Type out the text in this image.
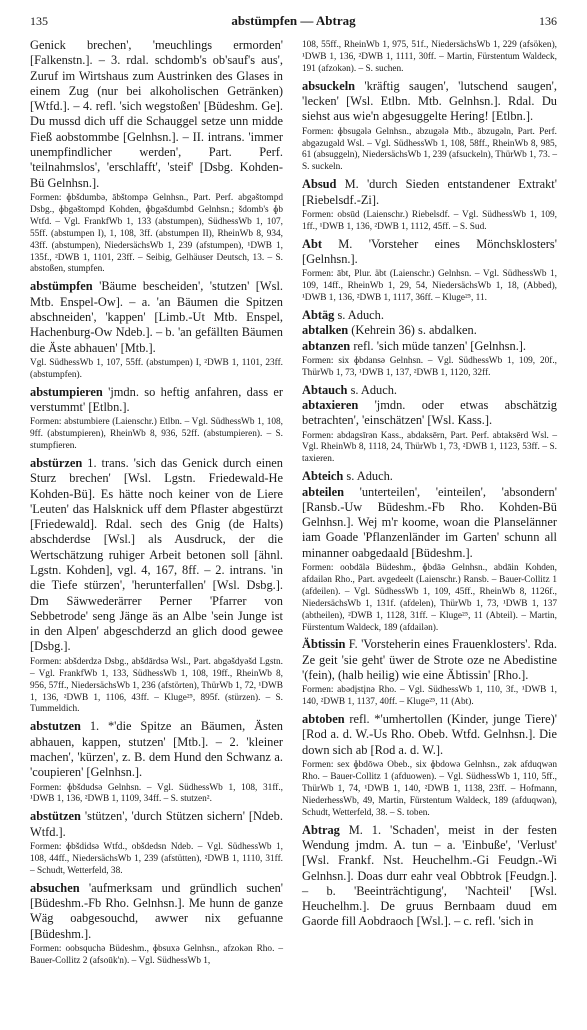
135	abstümpfen — Abtrag	136

Genick brechen', 'meuchlings ermorden' [Falkenstn.]. – 3. rdal. schdomb's ob'sauf's aus', Zuruf im Wirtshaus zum Austrinken des Glases in einem Zug (nur bei alkoholischen Getränken) [Wtfd.]. – 4. refl. 'sich wegstoßen' [Büdeshm. Ge]. Du mussd dich uff die Schauggel setze unn midde Fieß aobstommbe [Gelnhsn.]. – II. intrans. 'immer unempfindlicher werden', Part. Perf. 'teilnahmslos', 'erschlafft', 'steif' [Dsbg. Kohden-Bü Gelnhsn.].

Formen: ɸbšdumbə, ābštompə Gelnhsn., Part. Perf. abgəštompd Dsbg., ɸbgəštompd Kohden, ɸbgəšdumbd Gelnhsn.; šdomb's ɸb Wtfd. – Vgl. FrankfWb 1, 133 (abstumpen), SüdhessWb 1, 107, 55ff. (abstumpen I), 1, 108, 3ff. (abstumpen II), RheinWb 8, 934, 43ff. (abstumpen), NiedersächsWb 1, 239 (afstumpen), ¹DWB 1, 135f., ²DWB 1, 1101, 23ff. – Seibig, Gelhäuser Deutsch, 13. – S. abstoßen, stumpfen.

abstümpfen 'Bäume bescheiden', 'stutzen' [Wsl. Mtb. Enspel-Ow]. – a. 'an Bäumen die Spitzen abschneiden', 'kappen' [Limb.-Ut Mtb. Enspel, Hachenburg-Ow Ndeb.]. – b. 'an gefällten Bäumen die Äste abhauen' [Mtb.].

Vgl. SüdhessWb 1, 107, 55ff. (abstumpen) I, ²DWB 1, 1101, 23ff. (abstumpfen).

abstumpieren 'jmdn. so heftig anfahren, dass er verstummt' [Etlbn.].

Formen: abstumbiere (Laienschr.) Etlbn. – Vgl. SüdhessWb 1, 108, 9ff. (abstumpieren), RheinWb 8, 936, 52ff. (abstumpieren). – S. stumpfieren.

abstürzen 1. trans. 'sich das Genick durch einen Sturz brechen' [Wsl. Lgstn. Friedewald-He Kohden-Bü]. Es hätte noch keiner von de Liere 'Leuten' das Halsknick uff dem Pflaster abgestürzt [Friedewald]. Rdal. sech des Gnig (de Halts) abschderdse [Wsl.] als Ausdruck, der die Wertschätzung ruhiger Arbeit betonen soll [ähnl. Lgstn. Kohden], vgl. 4, 167, 8ff. – 2. intrans. 'in die Tiefe stürzen', 'herunterfallen' [Wsl. Dsbg.]. Dm Säwwederärrer Perner 'Pfarrer von Sebbetrode' seng Jänge äs an Albe 'sein Junge ist in den Alpen' abgeschderzd an glich dood gewee [Dsbg.].

Formen: abšderdzə Dsbg., abšdārdsə Wsl., Part. abgəšdyəšd Lgstn. – Vgl. FrankfWb 1, 133, SüdhessWb 1, 108, 19ff., RheinWb 8, 956, 57ff., NiedersächsWb 1, 236 (afstörten), ThürWb 1, 72, ¹DWB 1, 136, ²DWB 1, 1106, 43ff. – Kluge²⁵, 895f. (stürzen). – S. Tummeldich.

abstutzen 1. *'die Spitze an Bäumen, Ästen abhauen, kappen, stutzen' [Mtb.]. – 2. 'kleiner machen', 'kürzen', z. B. dem Hund den Schwanz a. 'coupieren' [Gelnhsn.].

Formen: ɸbšdudsə Gelnhsn. – Vgl. SüdhessWb 1, 108, 31ff., ¹DWB 1, 136, ²DWB 1, 1109, 34ff. – S. stutzen².

abstützen 'stützen', 'durch Stützen sichern' [Ndeb. Wtfd.].

Formen: ɸbšdidsə Wtfd., obšdedsn Ndeb. – Vgl. SüdhessWb 1, 108, 44ff., NiedersächsWb 1, 239 (afstütten), ²DWB 1, 1110, 31ff. – Schudt, Wetterfeld, 38.

absuchen 'aufmerksam und gründlich suchen' [Büdeshm.-Fb Rho. Gelnhsn.]. Me hunn de ganze Wäg oabgesouchd, awwer nix gefuanne [Büdeshm.].

Formen: oobsquchə Büdeshm., ɸbsuxə Gelnhsn., afzokən Rho. – Bauer-Collitz 2 (afsoūk'n). – Vgl. SüdhessWb 1,

108, 55ff., RheinWb 1, 975, 51f., NiedersächsWb 1, 229 (afsöken), ¹DWB 1, 136, ²DWB 1, 1111, 30ff. – Martin, Fürstentum Waldeck, 191 (afzokən). – S. suchen.

absuckeln 'kräftig saugen', 'lutschend saugen', 'lecken' [Wsl. Etlbn. Mtb. Gelnhsn.]. Rdal. Du siehst aus wie'n abgesuggelte Hering! [Etlbn.].

Formen: ɸbsugələ Gelnhsn., abzugələ Mtb., ābzugəln, Part. Perf. abgəzugəld Wsl. – Vgl. SüdhessWb 1, 108, 58ff., RheinWb 8, 985, 61 (absuggeln), NiedersächsWb 1, 239 (afsuckeln), ThürWb 1, 73. – S. suckeln.

Absud M. 'durch Sieden entstandener Extrakt' [Riebelsdf.-Zi].

Formen: obsūd (Laienschr.) Riebelsdf. – Vgl. SüdhessWb 1, 109, 1ff., ¹DWB 1, 136, ²DWB 1, 1112, 45ff. – S. Sud.

Abt M. 'Vorsteher eines Mönchsklosters' [Gelnhsn.].

Formen: ābt, Plur. äbt (Laienschr.) Gelnhsn. – Vgl. SüdhessWb 1, 109, 14ff., RheinWb 1, 29, 54, NiedersächsWb 1, 18, (Abbed), ¹DWB 1, 136, ²DWB 1, 1117, 36ff. – Kluge²⁵, 11.

Abtäg s. Aduch.

abtalken (Kehrein 36) s. abdalken.

abtanzen refl. 'sich müde tanzen' [Gelnhsn.].

Formen: six ɸbdansə Gelnhsn. – Vgl. SüdhessWb 1, 109, 20f., ThürWb 1, 73, ¹DWB 1, 137, ²DWB 1, 1120, 32ff.

Abtauch s. Aduch.

abtaxieren 'jmdn. oder etwas abschätzig betrachten', 'einschätzen' [Wsl. Kass.].

Formen: abdagsīrən Kass., abdaksērn, Part. Perf. abtaksērd Wsl. – Vgl. RheinWb 8, 1118, 24, ThürWb 1, 73, ²DWB 1, 1123, 53ff. – S. taxieren.

Abteich s. Aduch.

abteilen 'unterteilen', 'einteilen', 'absondern' [Ransb.-Uw Büdeshm.-Fb Rho. Kohden-Bü Gelnhsn.]. Wej m'r koome, woan die Planselänner iam Goade 'Pflanzenländer im Garten' schunn all minanner oabgedaald [Büdeshm.].

Formen: oobdālə Büdeshm., ɸbdāə Gelnhsn., abdāin Kohden, afdailən Rho., Part. avgedeelt (Laienschr.) Ransb. – Bauer-Collitz 1 (afdeilen). – Vgl. SüdhessWb 1, 109, 45ff., RheinWb 8, 1126f., NiedersächsWb 1, 131f. (afdelen), ThürWb 1, 73, ¹DWB 1, 137 (abtheilen), ²DWB 1, 1128, 31ff. – Kluge²⁵, 11 (Abteil). – Martin, Fürstentum Waldeck, 189 (afdailən).

Äbtissin F. 'Vorsteherin eines Frauenklosters'. Rda. Ze geit 'sie geht' üwer de Strote oze ne Abedistine '(fein), (halb heilig) wie eine Äbtissin' [Rho.].

Formen: abədįstįnə Rho. – Vgl. SüdhessWb 1, 110, 3f., ¹DWB 1, 140, ²DWB 1, 1137, 40ff. – Kluge²⁵, 11 (Abt).

abtoben refl. *'umhertollen (Kinder, junge Tiere)' [Rod a. d. W.-Us Rho. Obeb. Wtfd. Gelnhsn.]. Die down sich ab [Rod a. d. W.].

Formen: sex ɸbdōwə Obeb., six ɸbdowə Gelnhsn., zək afduqwən Rho. – Bauer-Collitz 1 (afduowen). – Vgl. SüdhessWb 1, 110, 5ff., ThürWb 1, 74, ¹DWB 1, 140, ²DWB 1, 1138, 23ff. – Hofmann, NiederhessWb, 49, Martin, Fürstentum Waldeck, 189 (afduqwən), Schudt, Wetterfeld, 38. – S. toben.

Abtrag M. 1. 'Schaden', meist in der festen Wendung jmdm. A. tun – a. 'Einbuße', 'Verlust' [Wsl. Frankf. Nst. Heuchelhm.-Gi Feudgn.-Wi Gelnhsn.]. Doas durr eahr veal Obbtrok [Feudgn.]. – b. 'Beeinträchtigung', 'Nachteil' [Wsl. Heuchelhm.]. De gruus Bernbaam duud em Gaorde fill Aobdraoch [Wsl.]. – c. refl. 'sich in
